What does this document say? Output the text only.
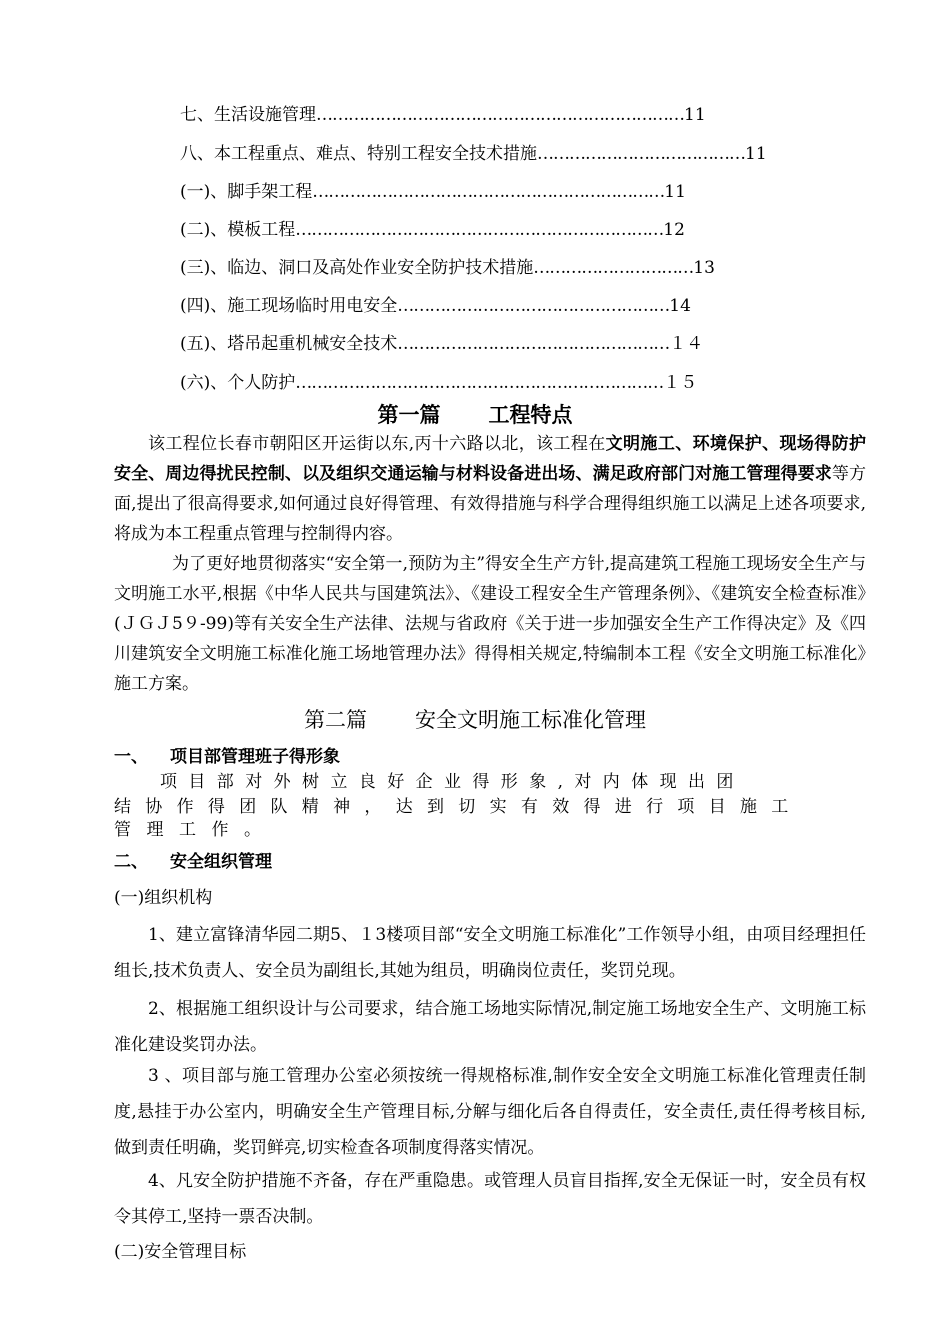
七、生活设施管理……………………………………………………………11
八、本工程重点、难点、特别工程安全技术措施…………………………………11
(一)、脚手架工程…………………………………………………………11
(二)、模板工程……………………………………………………………12
(三)、临边、洞口及高处作业安全防护技术措施…………………………13
(四)、施工现场临时用电安全……………………………………………14
(五)、塔吊起重机械安全技术……………………………………………１４
(六)、个人防护……………………………………………………………１５
第一篇 工程特点
该工程位长春市朝阳区开运街以东,丙十六路以北，该工程在文明施工、环境保护、现场得防护安全、周边得扰民控制、以及组织交通运输与材料设备进出场、满足政府部门对施工管理得要求等方面,提出了很高得要求,如何通过良好得管理、有效得措施与科学合理得组织施工以满足上述各项要求,将成为本工程重点管理与控制得内容。
为了更好地贯彻落实“安全第一,预防为主”得安全生产方针,提高建筑工程施工现场安全生产与文明施工水平,根据《中华人民共与国建筑法》、《建设工程安全生产管理条例》、《建筑安全检查标准》(ＪＧＪ5９-99)等有关安全生产法律、法规与省政府《关于进一步加强安全生产工作得决定》及《四川建筑安全文明施工标准化施工场地管理办法》得得相关规定,特编制本工程《安全文明施工标准化》施工方案。
第二篇 安全文明施工标准化管理
一、 项目部管理班子得形象
项目部对外树立良好企业得形象,对内体现出团
结协作得团队精神，达到切实有效得进行项目施工
管理工作。
二、 安全组织管理
(一)组织机构
1、建立富锋清华园二期5、１3楼项目部“安全文明施工标准化”工作领导小组，由项目经理担任组长,技术负责人、安全员为副组长,其她为组员，明确岗位责任，奖罚兑现。
2、根据施工组织设计与公司要求，结合施工场地实际情况,制定施工场地安全生产、文明施工标准化建设奖罚办法。
3 、项目部与施工管理办公室必须按统一得规格标准,制作安全安全文明施工标准化管理责任制度,悬挂于办公室内，明确安全生产管理目标,分解与细化后各自得责任，安全责任,责任得考核目标,做到责任明确，奖罚鲜亮,切实检查各项制度得落实情况。
4、凡安全防护措施不齐备，存在严重隐患。或管理人员盲目指挥,安全无保证一时，安全员有权令其停工,坚持一票否决制。
(二)安全管理目标
